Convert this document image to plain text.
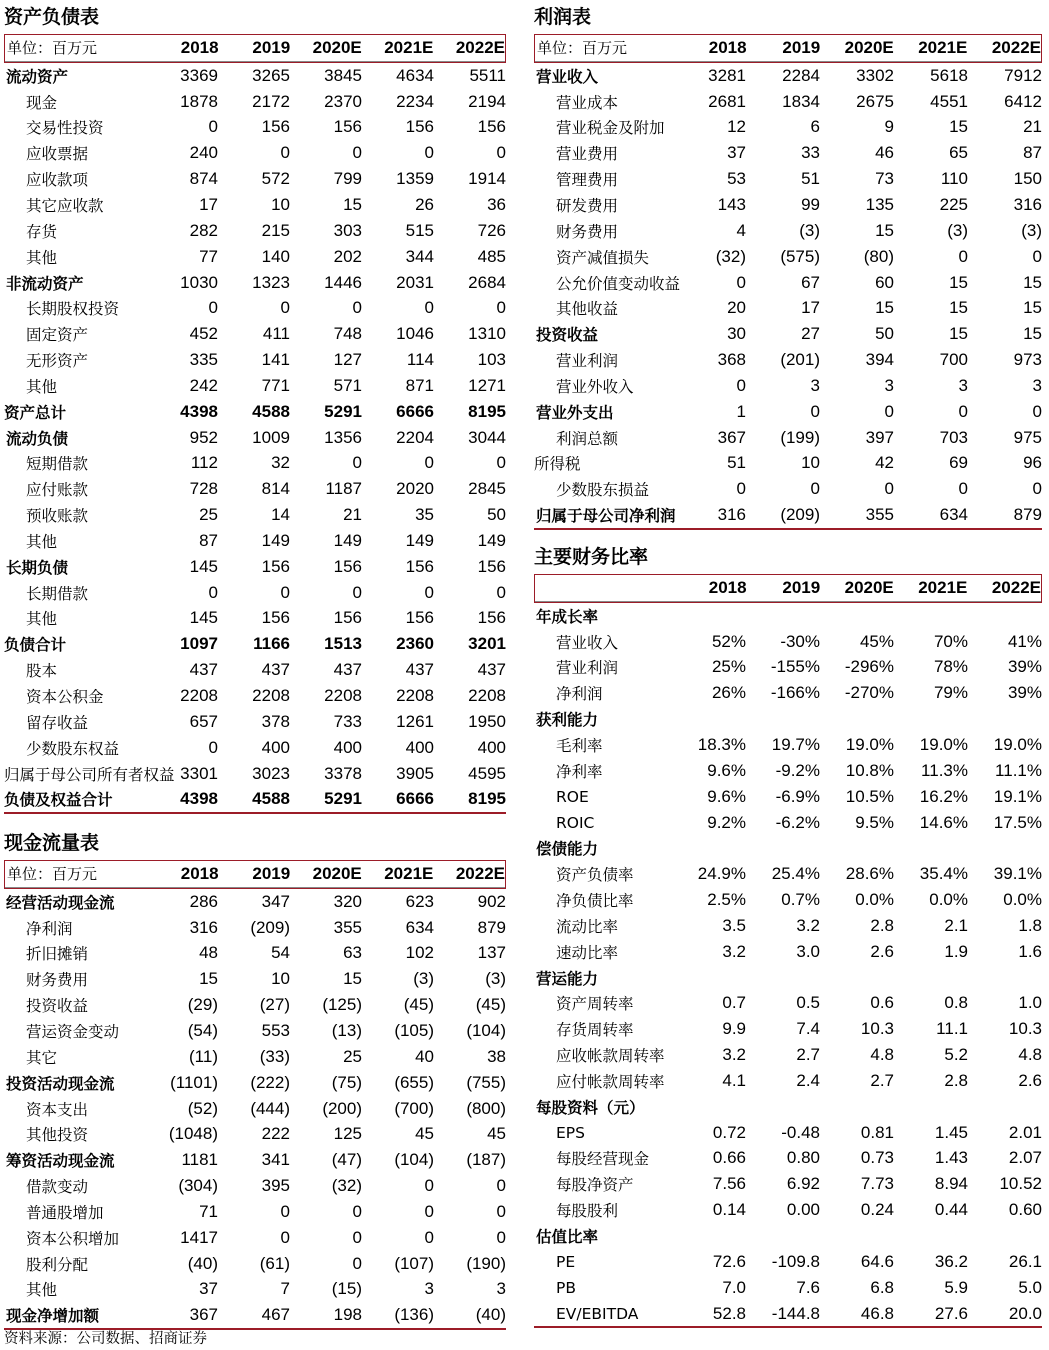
资产负债表
单位：百万元	2018	2019	2020E	2021E	2022E
流动资产	3369	3265	3845	4634	5511
现金	1878	2172	2370	2234	2194
交易性投资	0	156	156	156	156
应收票据	240	0	0	0	0
应收款项	874	572	799	1359	1914
其它应收款	17	10	15	26	36
存货	282	215	303	515	726
其他	77	140	202	344	485
非流动资产	1030	1323	1446	2031	2684
长期股权投资	0	0	0	0	0
固定资产	452	411	748	1046	1310
无形资产	335	141	127	114	103
其他	242	771	571	871	1271
资产总计	4398	4588	5291	6666	8195
流动负债	952	1009	1356	2204	3044
短期借款	112	32	0	0	0
应付账款	728	814	1187	2020	2845
预收账款	25	14	21	35	50
其他	87	149	149	149	149
长期负债	145	156	156	156	156
长期借款	0	0	0	0	0
其他	145	156	156	156	156
负债合计	1097	1166	1513	2360	3201
股本	437	437	437	437	437
资本公积金	2208	2208	2208	2208	2208
留存收益	657	378	733	1261	1950
少数股东权益	0	400	400	400	400
归属于母公司所有者权益	3301	3023	3378	3905	4595
负债及权益合计	4398	4588	5291	6666	8195
现金流量表
单位：百万元	2018	2019	2020E	2021E	2022E
经营活动现金流	286	347	320	623	902
净利润	316	(209)	355	634	879
折旧摊销	48	54	63	102	137
财务费用	15	10	15	(3)	(3)
投资收益	(29)	(27)	(125)	(45)	(45)
营运资金变动	(54)	553	(13)	(105)	(104)
其它	(11)	(33)	25	40	38
投资活动现金流	(1101)	(222)	(75)	(655)	(755)
资本支出	(52)	(444)	(200)	(700)	(800)
其他投资	(1048)	222	125	45	45
筹资活动现金流	1181	341	(47)	(104)	(187)
借款变动	(304)	395	(32)	0	0
普通股增加	71	0	0	0	0
资本公积增加	1417	0	0	0	0
股利分配	(40)	(61)	0	(107)	(190)
其他	37	7	(15)	3	3
现金净增加额	367	467	198	(136)	(40)
利润表
单位：百万元	2018	2019	2020E	2021E	2022E
营业收入	3281	2284	3302	5618	7912
营业成本	2681	1834	2675	4551	6412
营业税金及附加	12	6	9	15	21
营业费用	37	33	46	65	87
管理费用	53	51	73	110	150
研发费用	143	99	135	225	316
财务费用	4	(3)	15	(3)	(3)
资产减值损失	(32)	(575)	(80)	0	0
公允价值变动收益	0	67	60	15	15
其他收益	20	17	15	15	15
投资收益	30	27	50	15	15
营业利润	368	(201)	394	700	973
营业外收入	0	3	3	3	3
营业外支出	1	0	0	0	0
利润总额	367	(199)	397	703	975
所得税	51	10	42	69	96
少数股东损益	0	0	0	0	0
归属于母公司净利润	316	(209)	355	634	879
主要财务比率
	2018	2019	2020E	2021E	2022E
年成长率					
营业收入	52%	-30%	45%	70%	41%
营业利润	25%	-155%	-296%	78%	39%
净利润	26%	-166%	-270%	79%	39%
获利能力					
毛利率	18.3%	19.7%	19.0%	19.0%	19.0%
净利率	9.6%	-9.2%	10.8%	11.3%	11.1%
ROE	9.6%	-6.9%	10.5%	16.2%	19.1%
ROIC	9.2%	-6.2%	9.5%	14.6%	17.5%
偿债能力					
资产负债率	24.9%	25.4%	28.6%	35.4%	39.1%
净负债比率	2.5%	0.7%	0.0%	0.0%	0.0%
流动比率	3.5	3.2	2.8	2.1	1.8
速动比率	3.2	3.0	2.6	1.9	1.6
营运能力					
资产周转率	0.7	0.5	0.6	0.8	1.0
存货周转率	9.9	7.4	10.3	11.1	10.3
应收帐款周转率	3.2	2.7	4.8	5.2	4.8
应付帐款周转率	4.1	2.4	2.7	2.8	2.6
每股资料（元）					
EPS	0.72	-0.48	0.81	1.45	2.01
每股经营现金	0.66	0.80	0.73	1.43	2.07
每股净资产	7.56	6.92	7.73	8.94	10.52
每股股利	0.14	0.00	0.24	0.44	0.60
估值比率					
PE	72.6	-109.8	64.6	36.2	26.1
PB	7.0	7.6	6.8	5.9	5.0
EV/EBITDA	52.8	-144.8	46.8	27.6	20.0
资料来源：公司数据、招商证券
